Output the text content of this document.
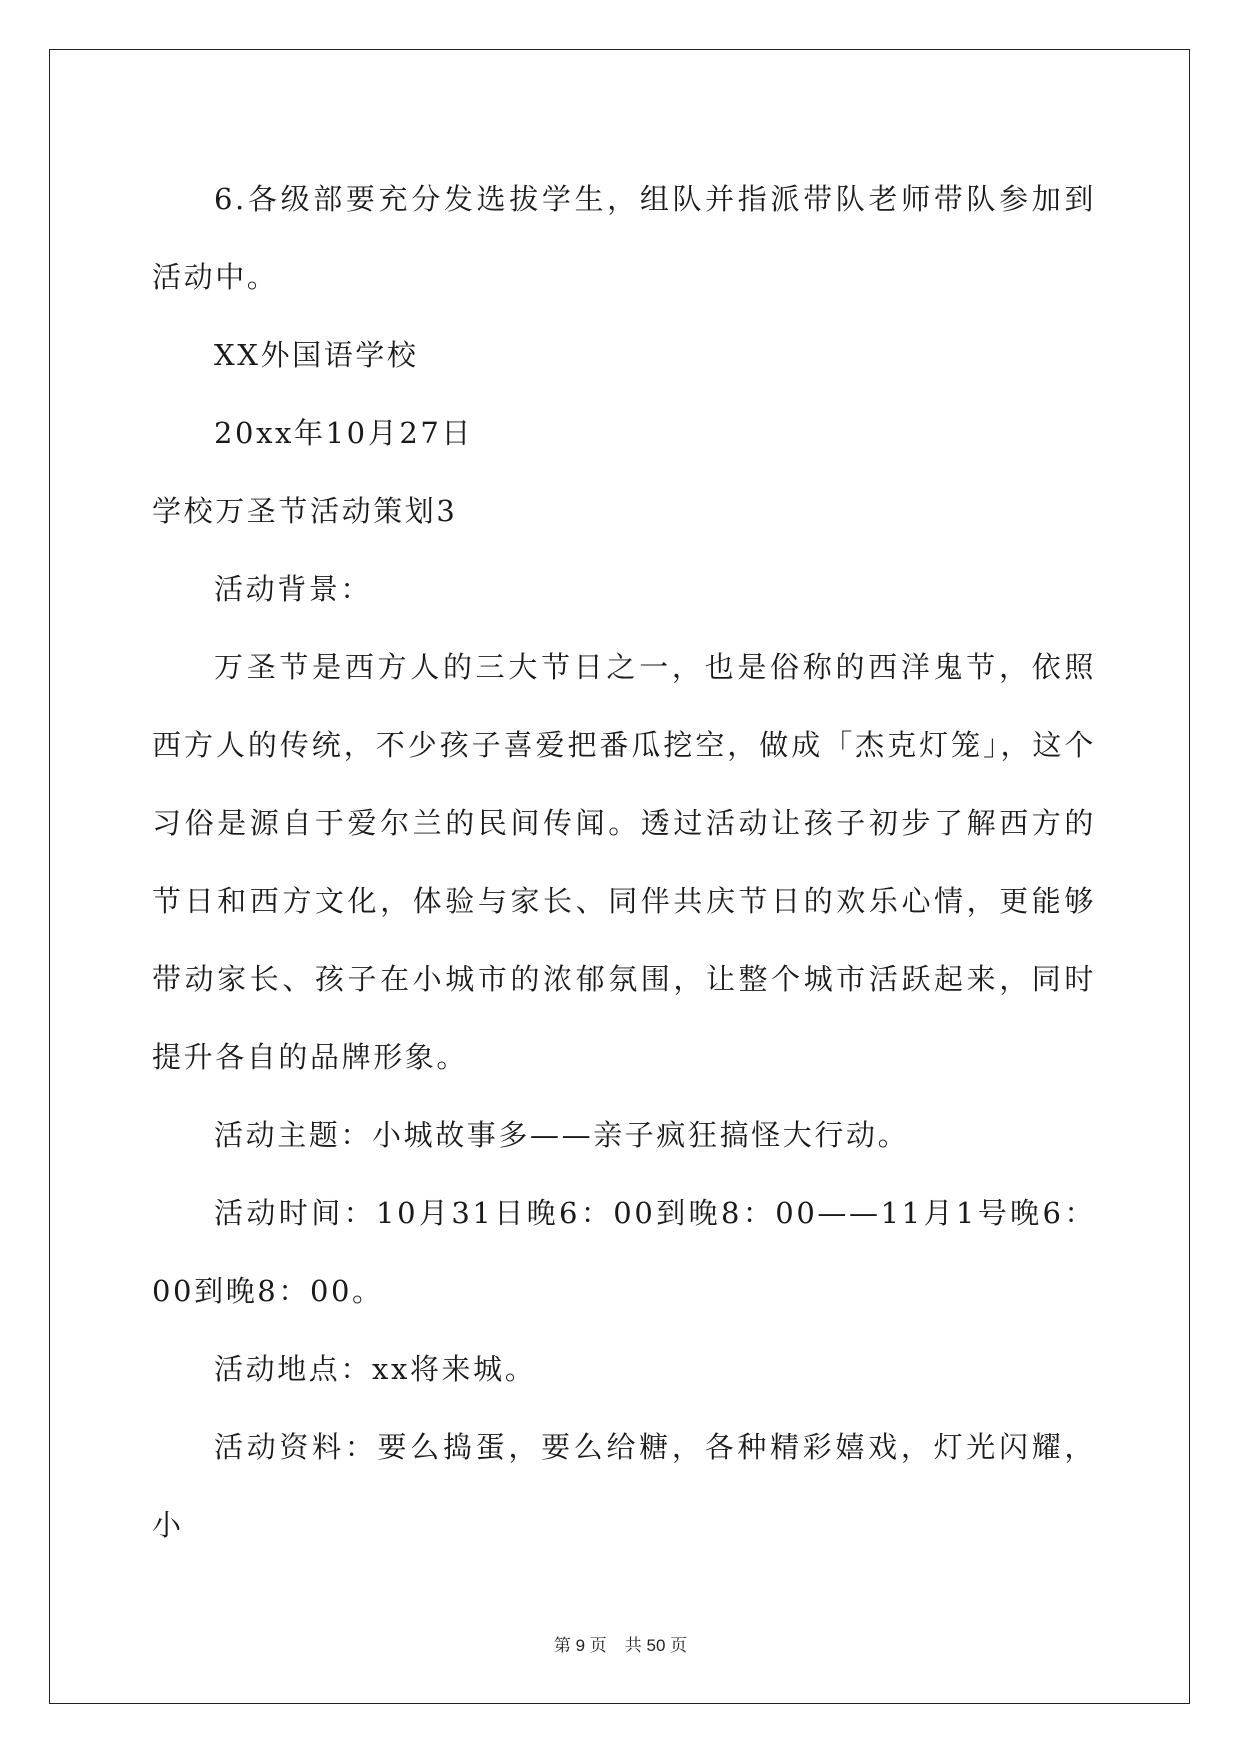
6.各级部要充分发选拔学生，组队并指派带队老师带队参加到活动中。

XX外国语学校

20xx年10月27日

学校万圣节活动策划3

活动背景：

万圣节是西方人的三大节日之一，也是俗称的西洋鬼节，依照西方人的传统，不少孩子喜爱把番瓜挖空，做成「杰克灯笼」，这个习俗是源自于爱尔兰的民间传闻。透过活动让孩子初步了解西方的节日和西方文化，体验与家长、同伴共庆节日的欢乐心情，更能够带动家长、孩子在小城市的浓郁氛围，让整个城市活跃起来，同时提升各自的品牌形象。

活动主题：小城故事多——亲子疯狂搞怪大行动。

活动时间：10月31日晚6：00到晚8：00——11月1号晚6：00到晚8：00。

活动地点：xx将来城。

活动资料：要么捣蛋，要么给糖，各种精彩嬉戏，灯光闪耀，小

第 9 页 共 50 页
